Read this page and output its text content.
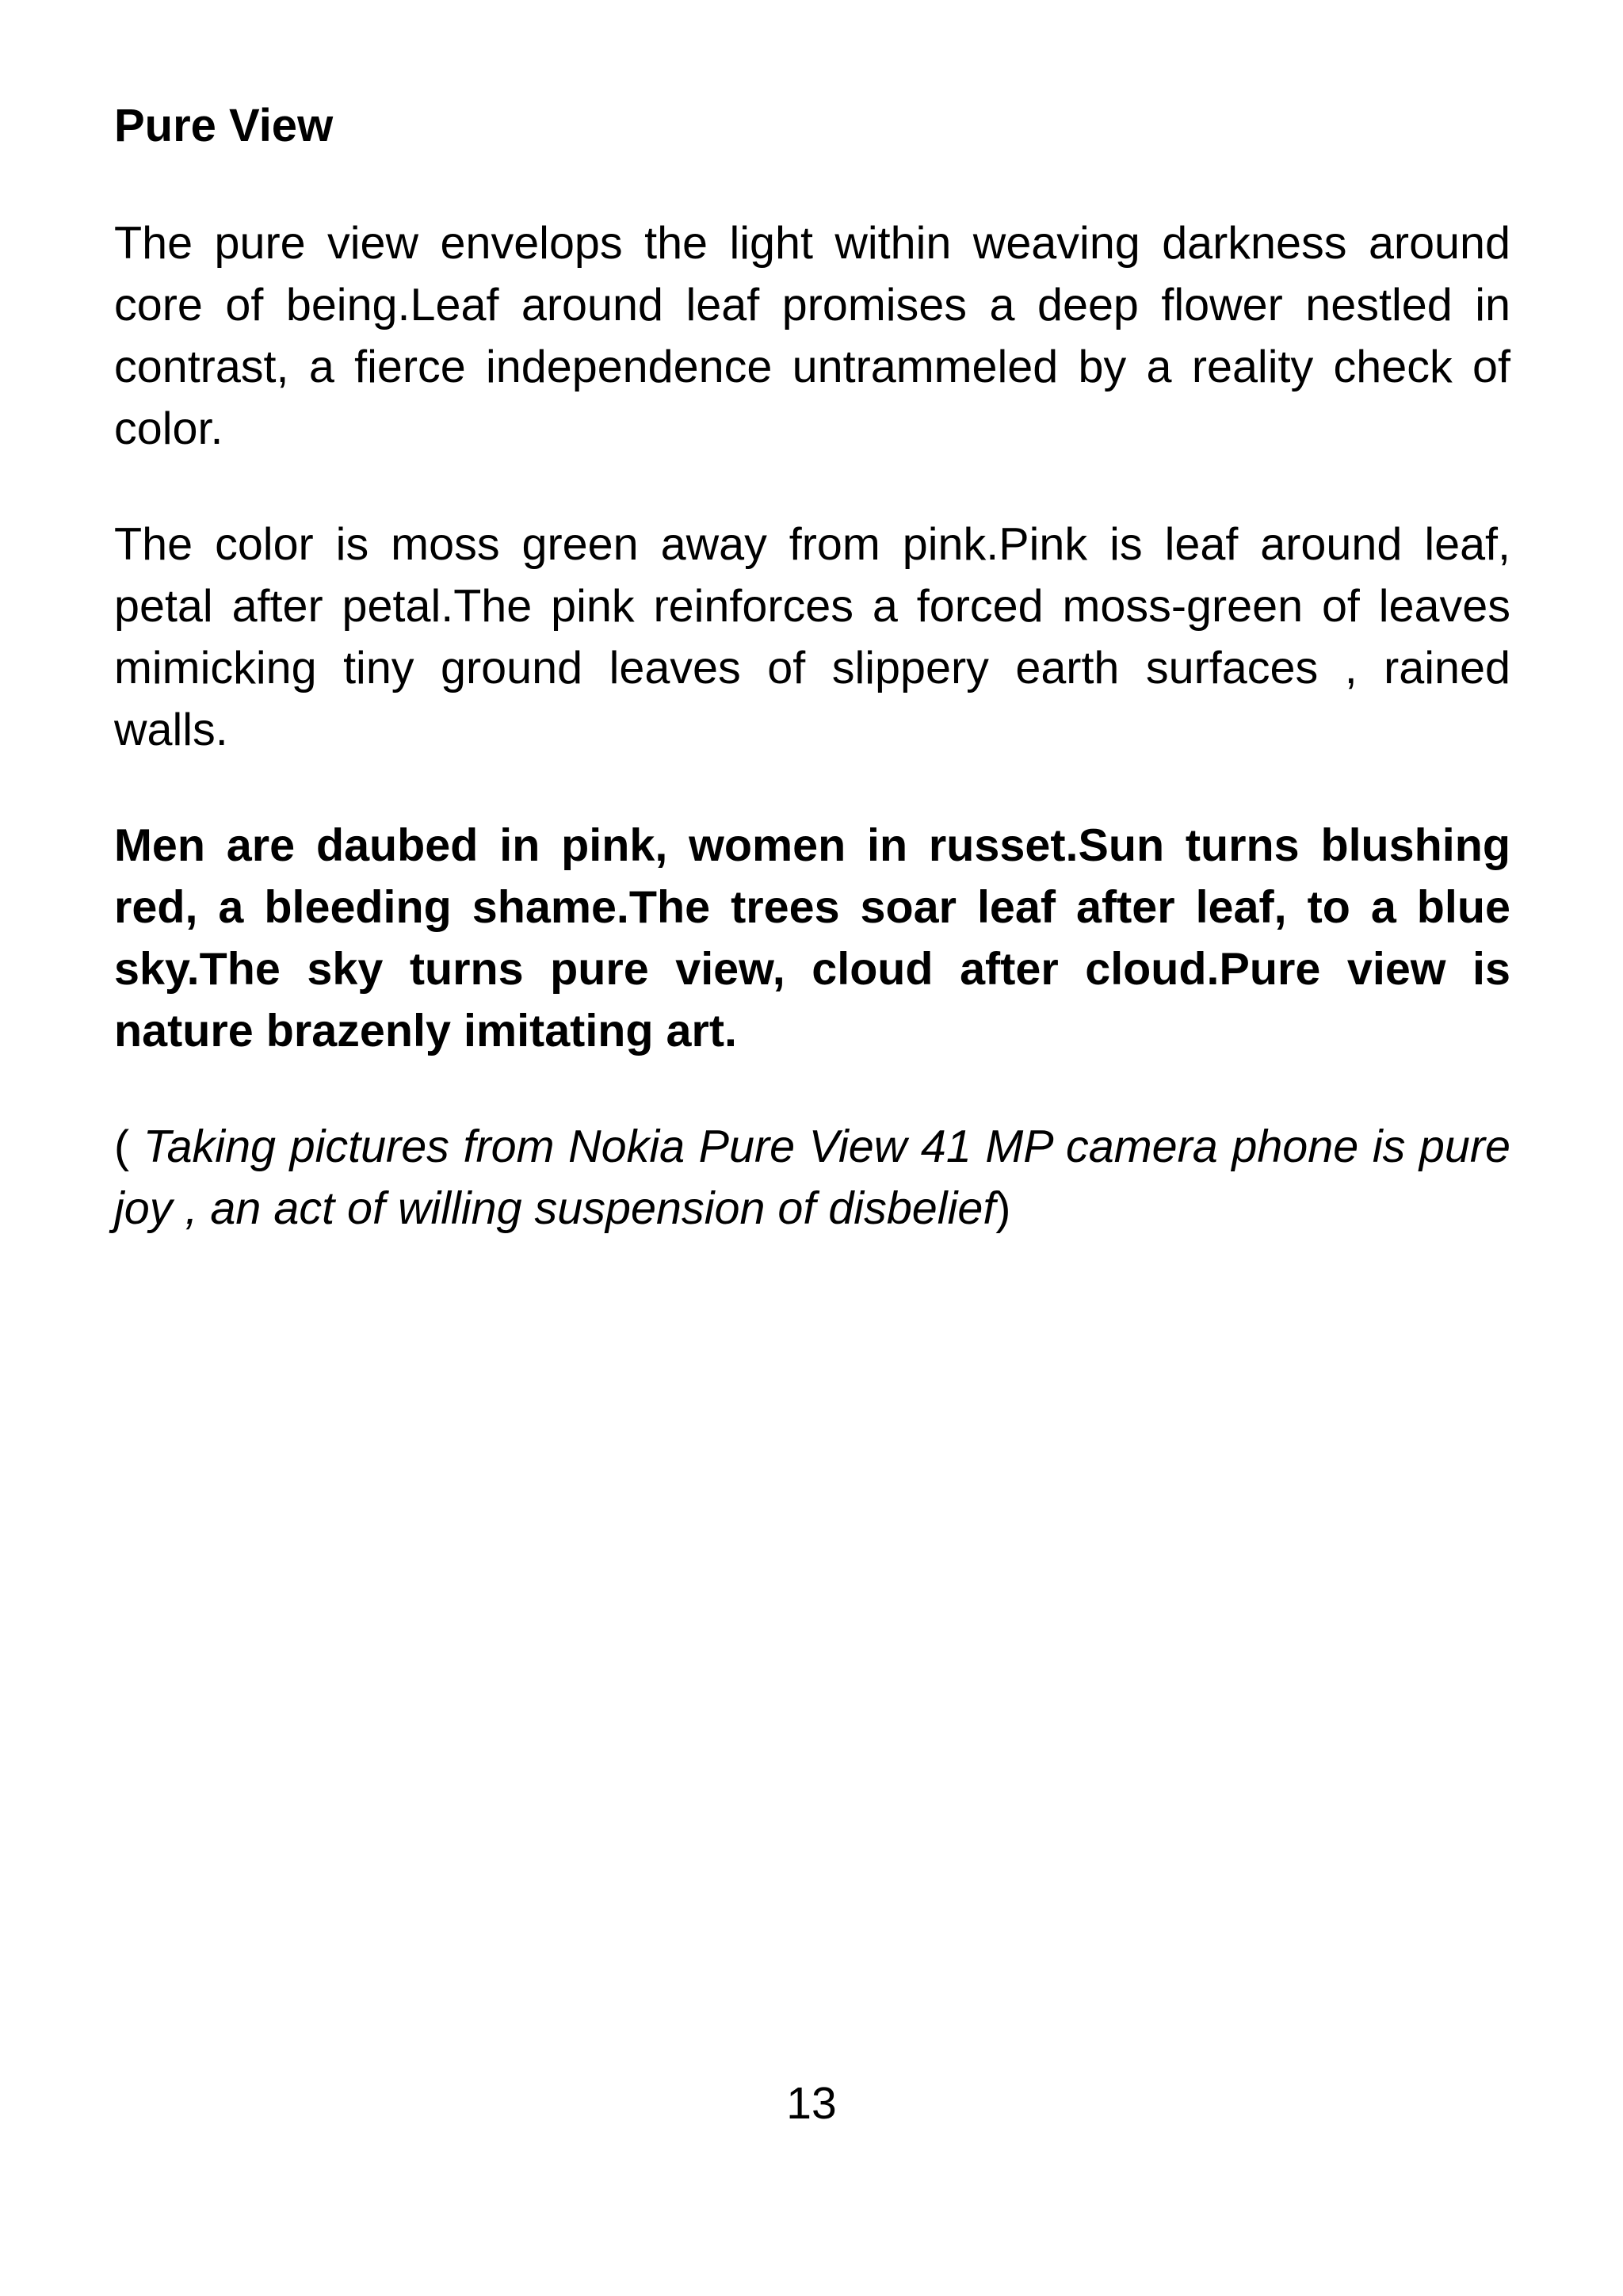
Pure View

The pure view envelops the light within weaving darkness around core of being.Leaf around leaf promises a deep flower nestled in contrast, a fierce independence untrammeled by a reality check of color.

The color is moss green away from pink.Pink is leaf around leaf, petal after petal.The pink reinforces a forced moss-green of leaves mimicking tiny ground leaves of slippery earth surfaces , rained walls.

Men are daubed in pink, women in russet.Sun turns blushing red, a bleeding shame.The trees soar leaf after leaf, to a blue sky.The sky turns pure view, cloud after cloud.Pure view is nature brazenly imitating art.

( Taking pictures from Nokia Pure View 41 MP camera phone is pure joy , an act of willing suspension of disbelief)

13
